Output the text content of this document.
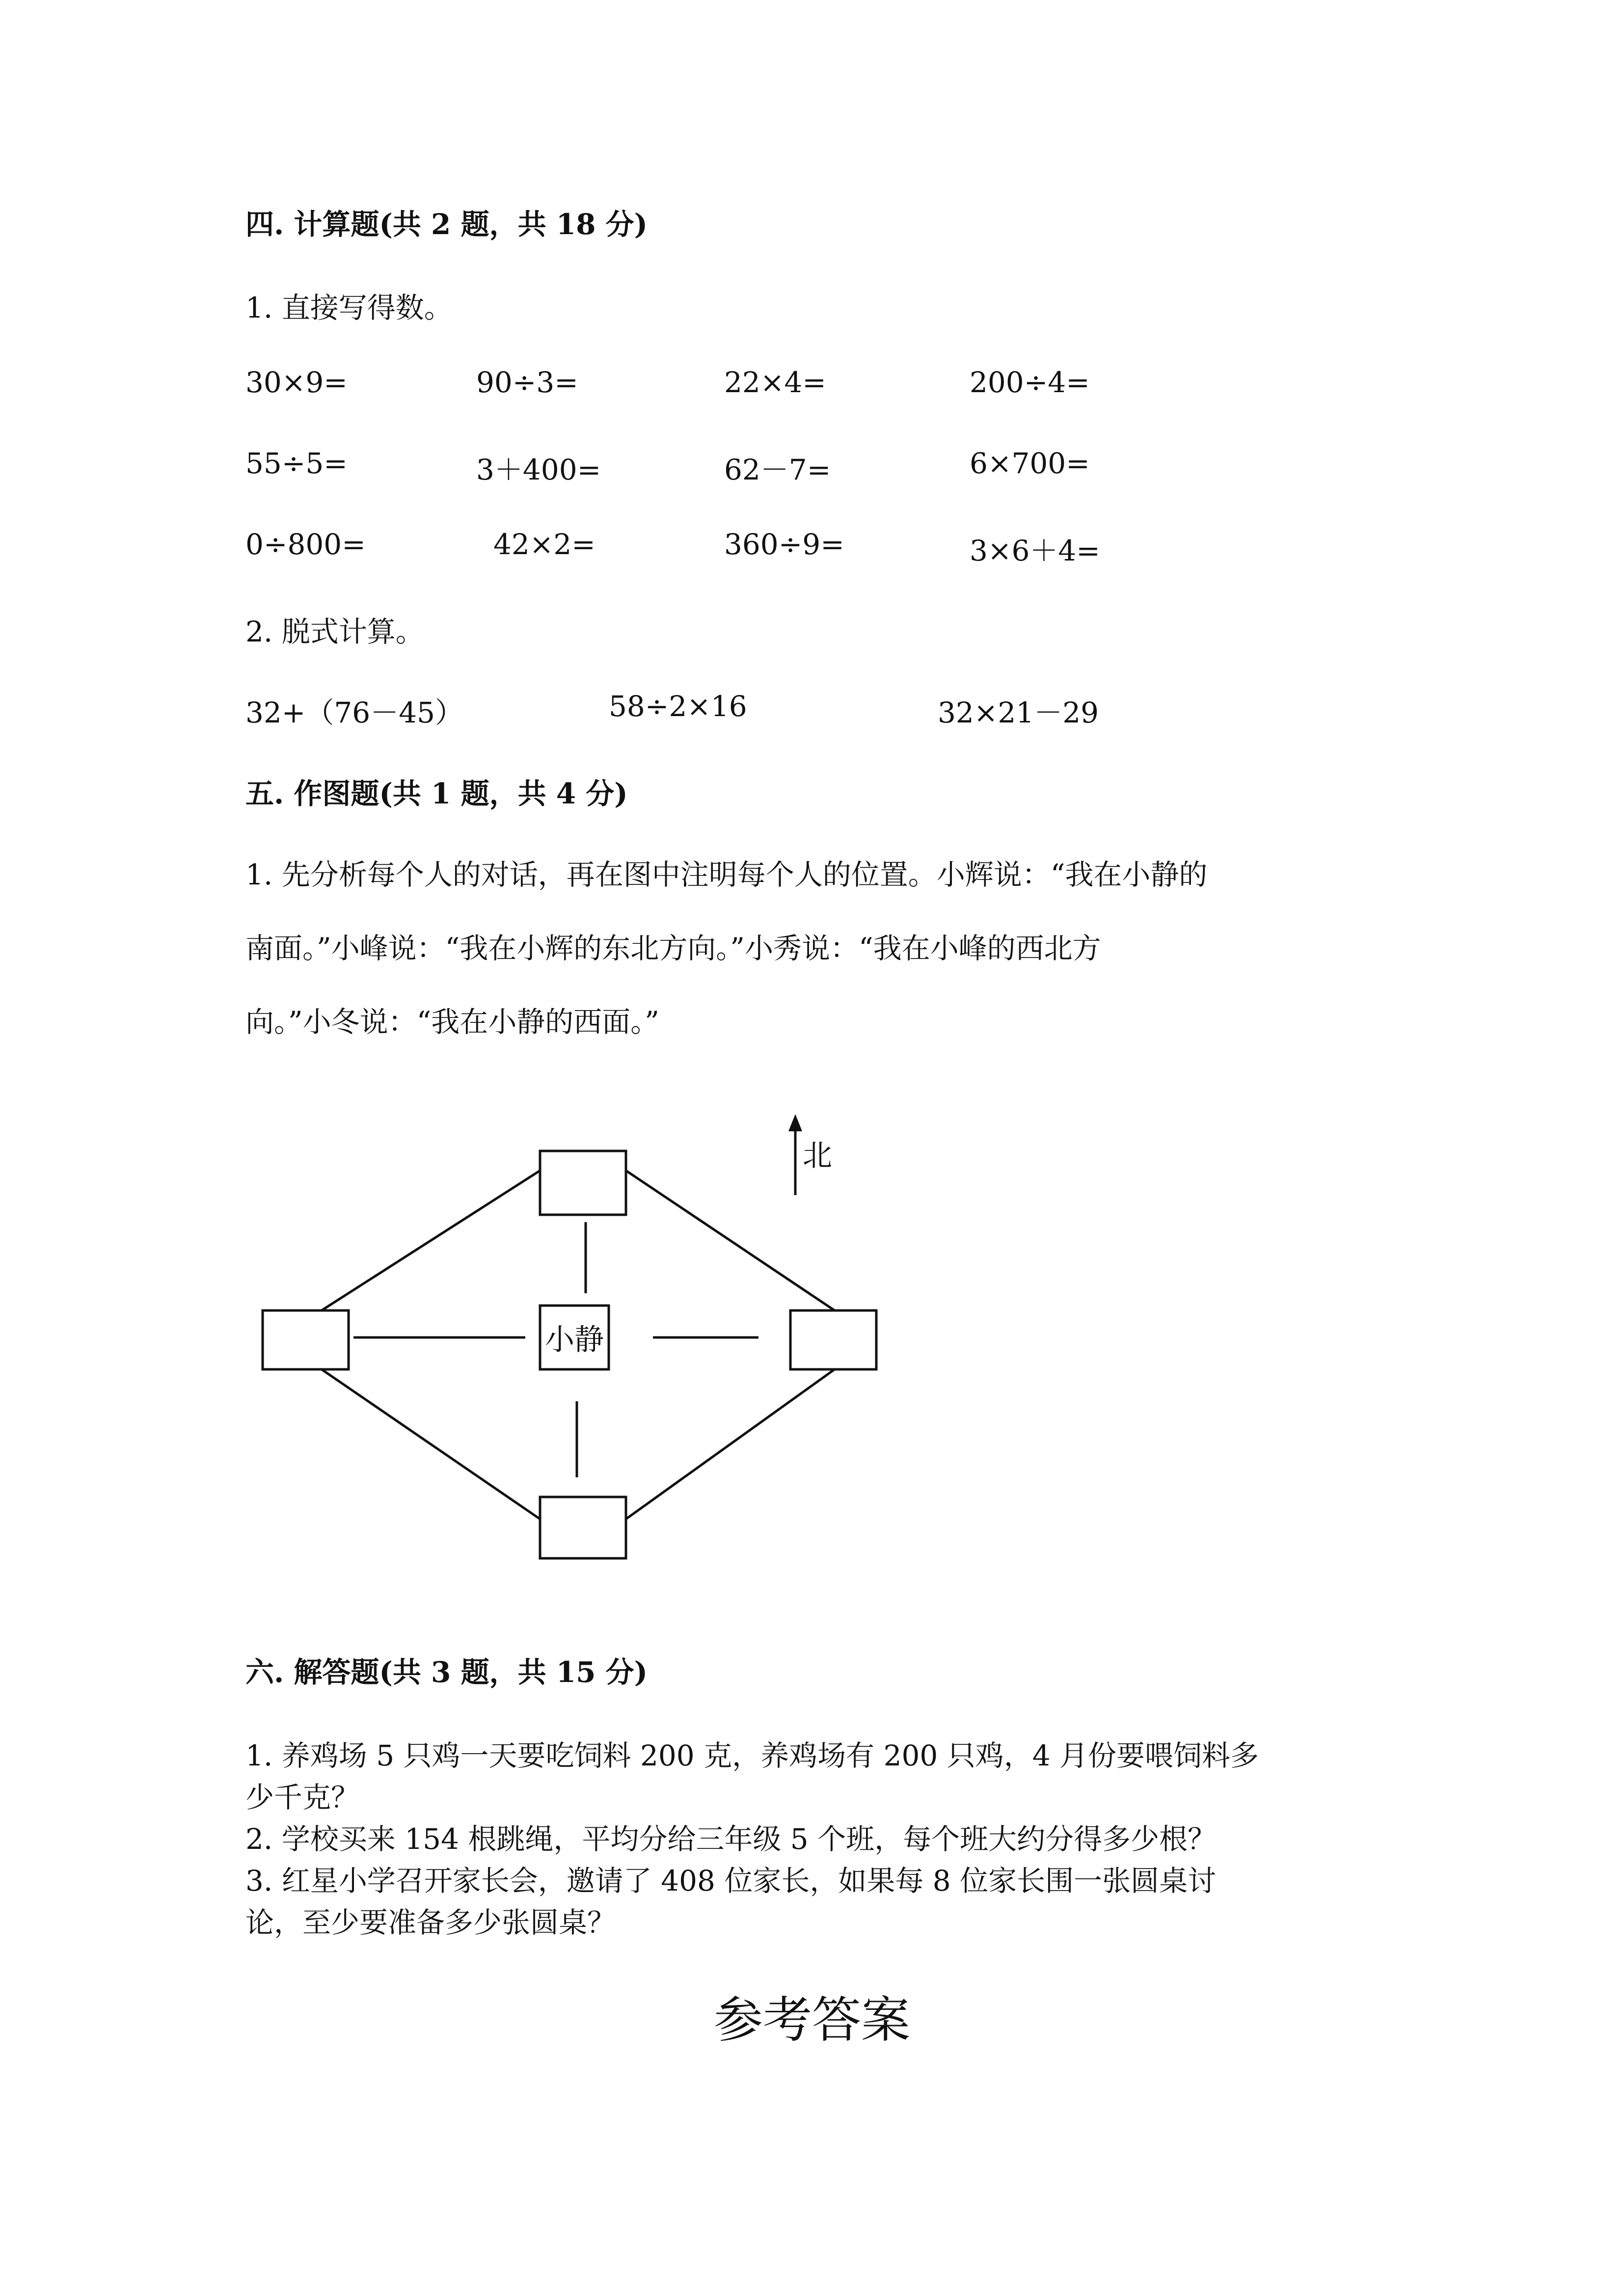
四. 计算题(共 2 题，共 18 分)
1. 直接写得数。
30×9=	90÷3=	22×4=	200÷4=
55÷5=	3＋400=	62－7=	6×700=
0÷800=	42×2=	360÷9=	3×6＋4=
2. 脱式计算。
32+（76－45）	58÷2×16	32×21－29
五. 作图题(共 1 题，共 4 分)
1. 先分析每个人的对话，再在图中注明每个人的位置。小辉说：“我在小静的
南面。”小峰说：“我在小辉的东北方向。”小秀说：“我在小峰的西北方
向。”小冬说：“我在小静的西面。”
小静
北
六. 解答题(共 3 题，共 15 分)
1. 养鸡场 5 只鸡一天要吃饲料 200 克，养鸡场有 200 只鸡，4 月份要喂饲料多
少千克？
2. 学校买来 154 根跳绳，平均分给三年级 5 个班，每个班大约分得多少根？
3. 红星小学召开家长会，邀请了 408 位家长，如果每 8 位家长围一张圆桌讨
论，至少要准备多少张圆桌？
参考答案
